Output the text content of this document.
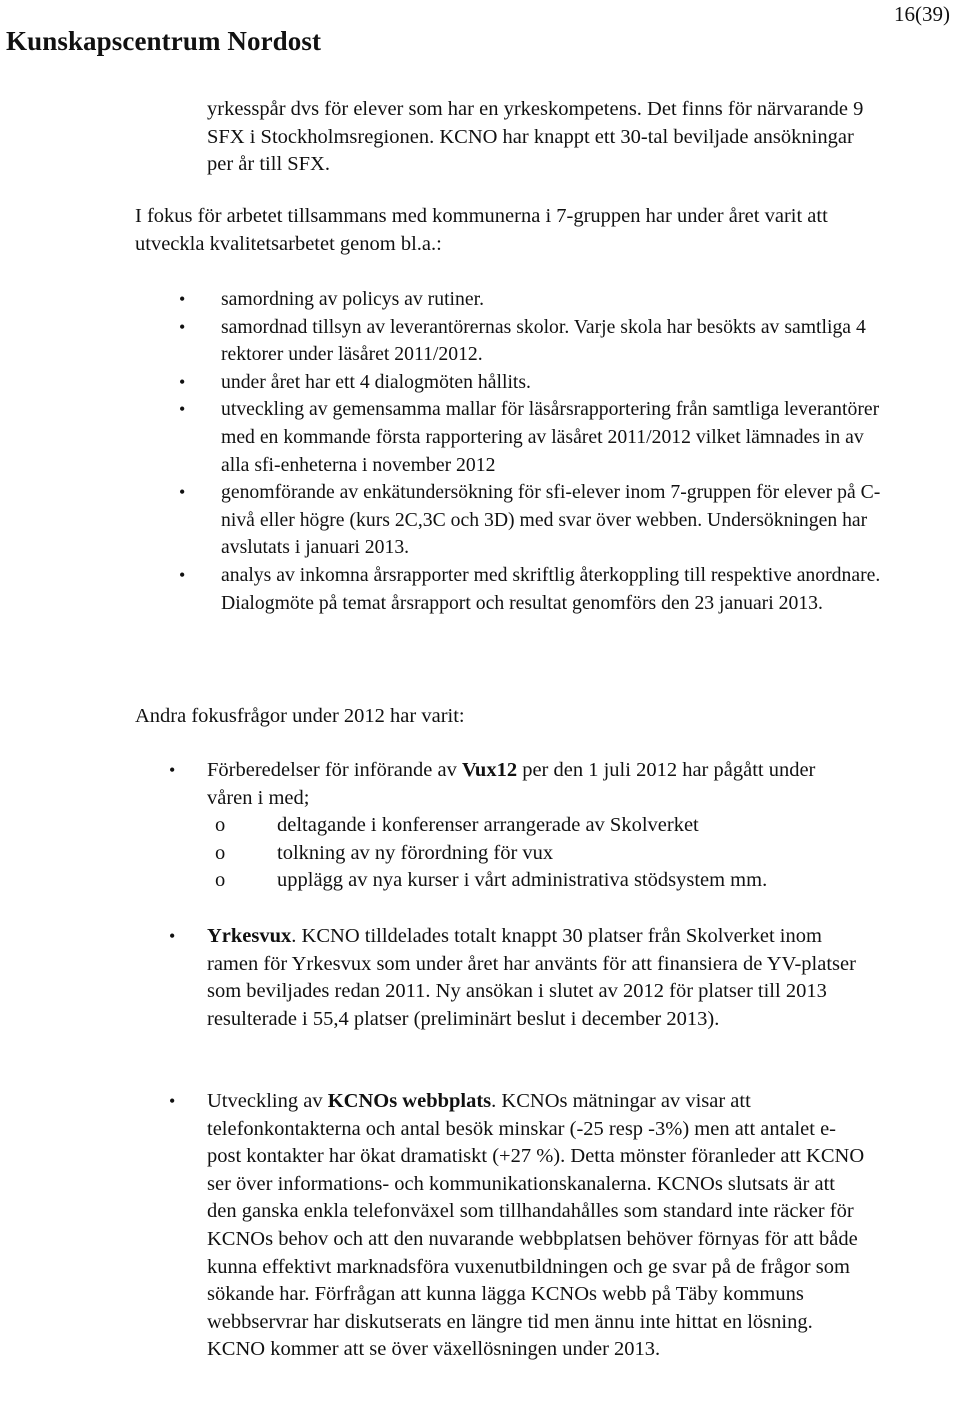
Kunskapscentrum Nordost
16(39)

yrkesspår dvs för elever som har en yrkeskompetens. Det finns för närvarande 9 SFX i Stockholmsregionen. KCNO har knappt ett 30-tal beviljade ansökningar per år till SFX.

I fokus för arbetet tillsammans med kommunerna i 7-gruppen har under året varit att utveckla kvalitetsarbetet genom bl.a.:

• samordning av policys av rutiner.
• samordnad tillsyn av leverantörernas skolor. Varje skola har besökts av samtliga 4 rektorer under läsåret 2011/2012.
• under året har ett 4 dialogmöten hållits.
• utveckling av gemensamma mallar för läsårsrapportering från samtliga leverantörer med en kommande första rapportering av läsåret 2011/2012 vilket lämnades in av alla sfi-enheterna i november 2012
• genomförande av enkätundersökning för sfi-elever inom 7-gruppen för elever på C-nivå eller högre (kurs 2C,3C och 3D) med svar över webben. Undersökningen har avslutats i januari 2013.
• analys av inkomna årsrapporter med skriftlig återkoppling till respektive anordnare. Dialogmöte på temat årsrapport och resultat genomförs den 23 januari 2013.

Andra fokusfrågor under 2012 har varit:

• Förberedelser för införande av Vux12 per den 1 juli 2012 har pågått under våren i med;
o	deltagande i konferenser arrangerade av Skolverket
o	tolkning av ny förordning för vux
o	upplägg av nya kurser i vårt administrativa stödsystem mm.
• Yrkesvux. KCNO tilldelades totalt knappt 30 platser från Skolverket inom ramen för Yrkesvux som under året har använts för att finansiera de YV-platser som beviljades redan 2011. Ny ansökan i slutet av 2012 för platser till 2013 resulterade i 55,4 platser (preliminärt beslut i december 2013).
• Utveckling av KCNOs webbplats. KCNOs mätningar av visar att telefonkontakterna och antal besök minskar (-25 resp -3%) men att antalet e-post kontakter har ökat dramatiskt (+27 %). Detta mönster föranleder att KCNO ser över informations- och kommunikationskanalerna. KCNOs slutsats är att den ganska enkla telefonväxel som tillhandahålles som standard inte räcker för KCNOs behov och att den nuvarande webbplatsen behöver förnyas för att både kunna effektivt marknadsföra vuxenutbildningen och ge svar på de frågor som sökande har. Förfrågan att kunna lägga KCNOs webb på Täby kommuns webbservrar har diskutserats en längre tid men ännu inte hittat en lösning. KCNO kommer att se över växellösningen under 2013.
